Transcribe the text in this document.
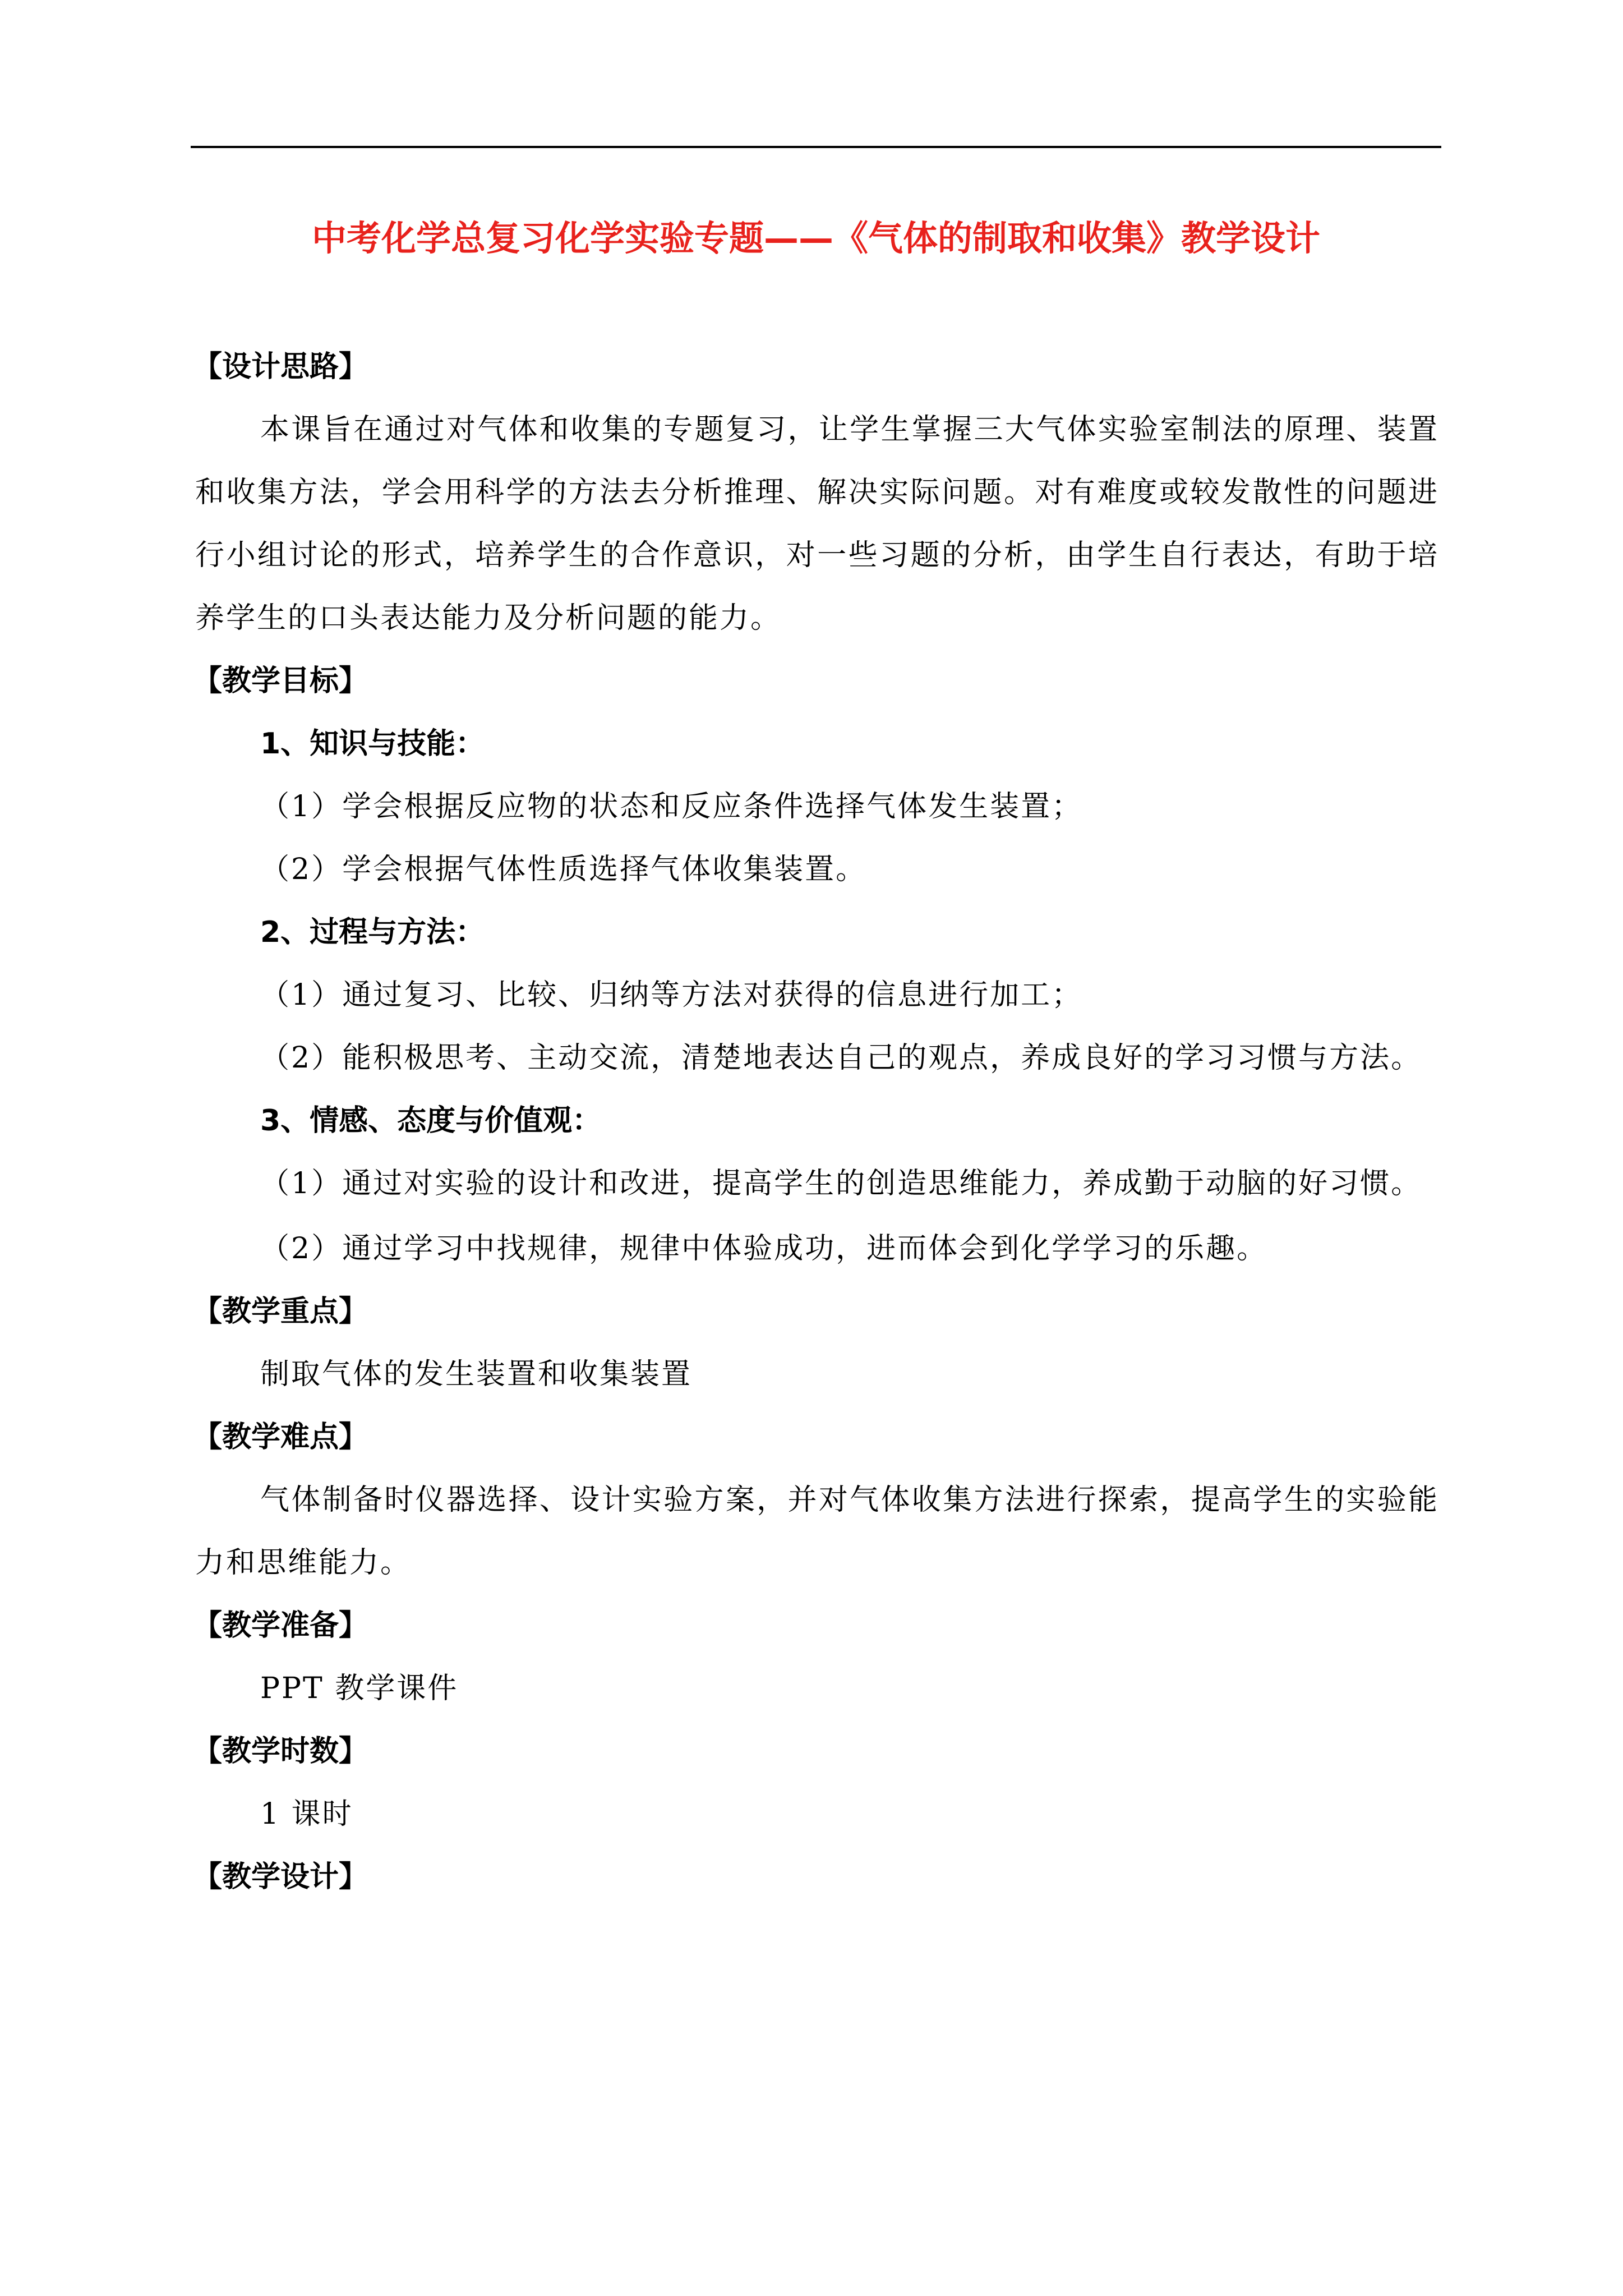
中考化学总复习化学实验专题——《气体的制取和收集》教学设计
【设计思路】
本课旨在通过对气体和收集的专题复习，让学生掌握三大气体实验室制法的原理、装置和收集方法，学会用科学的方法去分析推理、解决实际问题。对有难度或较发散性的问题进行小组讨论的形式，培养学生的合作意识，对一些习题的分析，由学生自行表达，有助于培养学生的口头表达能力及分析问题的能力。
【教学目标】
1、知识与技能：
（1）学会根据反应物的状态和反应条件选择气体发生装置；
（2）学会根据气体性质选择气体收集装置。
2、过程与方法：
（1）通过复习、比较、归纳等方法对获得的信息进行加工；
（2）能积极思考、主动交流，清楚地表达自己的观点，养成良好的学习习惯与方法。
3、情感、态度与价值观：
（1）通过对实验的设计和改进，提高学生的创造思维能力，养成勤于动脑的好习惯。
（2）通过学习中找规律，规律中体验成功，进而体会到化学学习的乐趣。
【教学重点】
制取气体的发生装置和收集装置
【教学难点】
气体制备时仪器选择、设计实验方案，并对气体收集方法进行探索，提高学生的实验能力和思维能力。
【教学准备】
PPT 教学课件
【教学时数】
1 课时
【教学设计】
